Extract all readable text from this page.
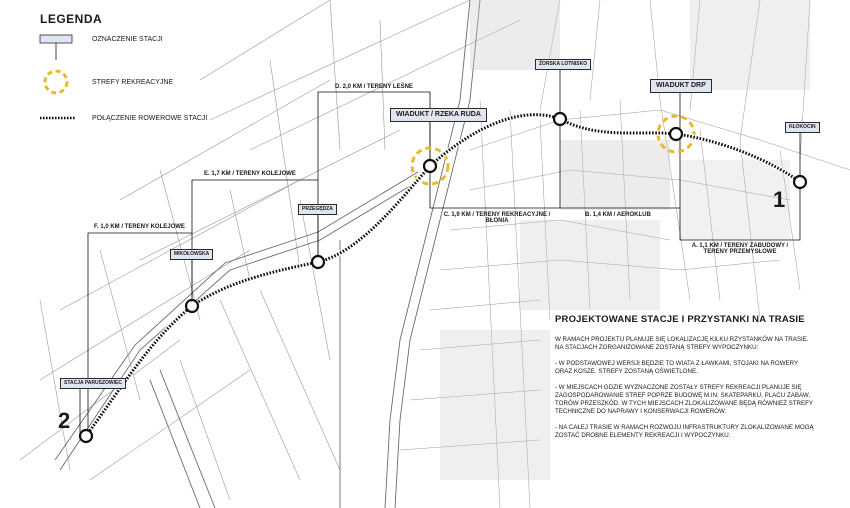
LEGENDA
OZNACZENIE STACJI
STREFY REKREACYJNE
POŁĄCZENIE ROWEROWE STACJI
STACJA PARUSZOWIEC
MIKOŁOWSKA
PRZEGĘDZA
WIADUKT / RZEKA RUDA
ŻORSKA LOTNISKO
WIADUKT DRP
KŁOKOCIN
F. 1,0 KM / TERENY KOLEJOWE
E. 1,7 KM / TERENY KOLEJOWE
D. 2,0 KM / TERENY LEŚNE
C. 1,9 KM / TERENY REKREACYJNE /
BŁONIA
B. 1,4 KM / AEROKLUB
A. 1,1 KM / TERENY ZABUDOWY /
TERENY PRZEMYSŁOWE
1
2
PROJEKTOWANE STACJE I PRZYSTANKI NA TRASIE

W RAMACH PROJEKTU PLANUJE SIĘ LOKALIZACJĘ KILKU RZYSTANKÓW NA TRASIE. NA STACJACH ZORGANIZOWANE ZOSTANĄ STREFY WYPOCZYNKU:

- W PODSTAWOWEJ WERSJI BĘDZIE TO WIATA Z ŁAWKAMI, STOJAKI NA ROWERY ORAZ KOSZE. STREFY ZOSTANĄ OŚWIETLONE.

- W MIEJSCACH GDZIE WYZNACZONE ZOSTAŁY STREFY REKREACJI PLANUJE SIĘ ZAGOSPODAROWANIE STREF POPRZE BUDOWĘ M.IN. SKATEPARKU, PLACU ZABAW, TORÓW PRZESZKÓD. W TYCH MIEJSCACH ZLOKALIZOWANE BĘDĄ RÓWNIEŻ STREFY TECHNICZNE DO NAPRAWY I KONSERWACJI ROWERÓW.

- NA CAŁEJ TRASIE W RAMACH ROZWOJU INFRASTRUKTURY ZLOKALIZOWANE MOGĄ ZOSTAĆ DROBNE ELEMENTY REKREACJI I WYPOCZYNKU.
